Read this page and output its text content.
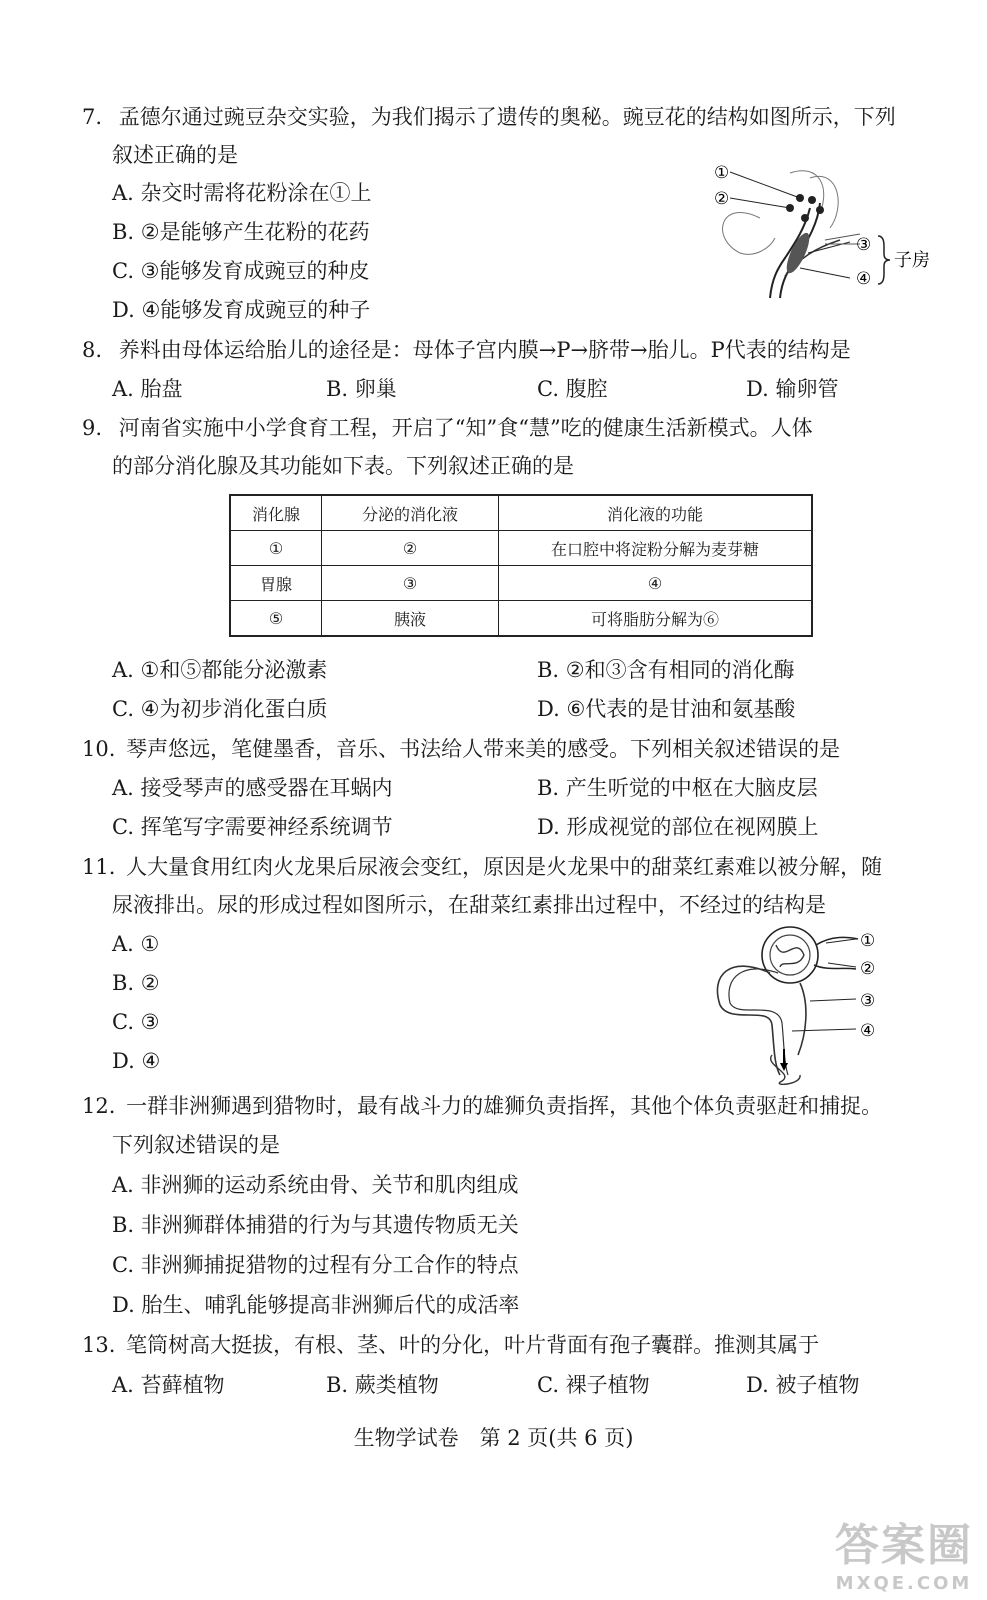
7. 孟德尔通过豌豆杂交实验，为我们揭示了遗传的奥秘。豌豆花的结构如图所示，下列
叙述正确的是
A. 杂交时需将花粉涂在①上
B. ②是能够产生花粉的花药
C. ③能够发育成豌豆的种皮
D. ④能够发育成豌豆的种子
①
②
③
④
子房
8. 养料由母体运给胎儿的途径是：母体子宫内膜→P→脐带→胎儿。P代表的结构是
A. 胎盘	B. 卵巢	C. 腹腔	D. 输卵管
9. 河南省实施中小学食育工程，开启了“知”食“慧”吃的健康生活新模式。人体
的部分消化腺及其功能如下表。下列叙述正确的是
消化腺	分泌的消化液	消化液的功能
①	②	在口腔中将淀粉分解为麦芽糖
胃腺	③	④
⑤	胰液	可将脂肪分解为⑥
A. ①和⑤都能分泌激素	B. ②和③含有相同的消化酶
C. ④为初步消化蛋白质	D. ⑥代表的是甘油和氨基酸
10. 琴声悠远，笔健墨香，音乐、书法给人带来美的感受。下列相关叙述错误的是
A. 接受琴声的感受器在耳蜗内	B. 产生听觉的中枢在大脑皮层
C. 挥笔写字需要神经系统调节	D. 形成视觉的部位在视网膜上
11. 人大量食用红肉火龙果后尿液会变红，原因是火龙果中的甜菜红素难以被分解，随
尿液排出。尿的形成过程如图所示，在甜菜红素排出过程中，不经过的结构是
A. ①
B. ②
C. ③
D. ④
①
②
③
④
12. 一群非洲狮遇到猎物时，最有战斗力的雄狮负责指挥，其他个体负责驱赶和捕捉。
下列叙述错误的是
A. 非洲狮的运动系统由骨、关节和肌肉组成
B. 非洲狮群体捕猎的行为与其遗传物质无关
C. 非洲狮捕捉猎物的过程有分工合作的特点
D. 胎生、哺乳能够提高非洲狮后代的成活率
13. 笔筒树高大挺拔，有根、茎、叶的分化，叶片背面有孢子囊群。推测其属于
A. 苔藓植物	B. 蕨类植物	C. 裸子植物	D. 被子植物
生物学试卷　第 2 页(共 6 页)
答案圈
MXQE.COM
